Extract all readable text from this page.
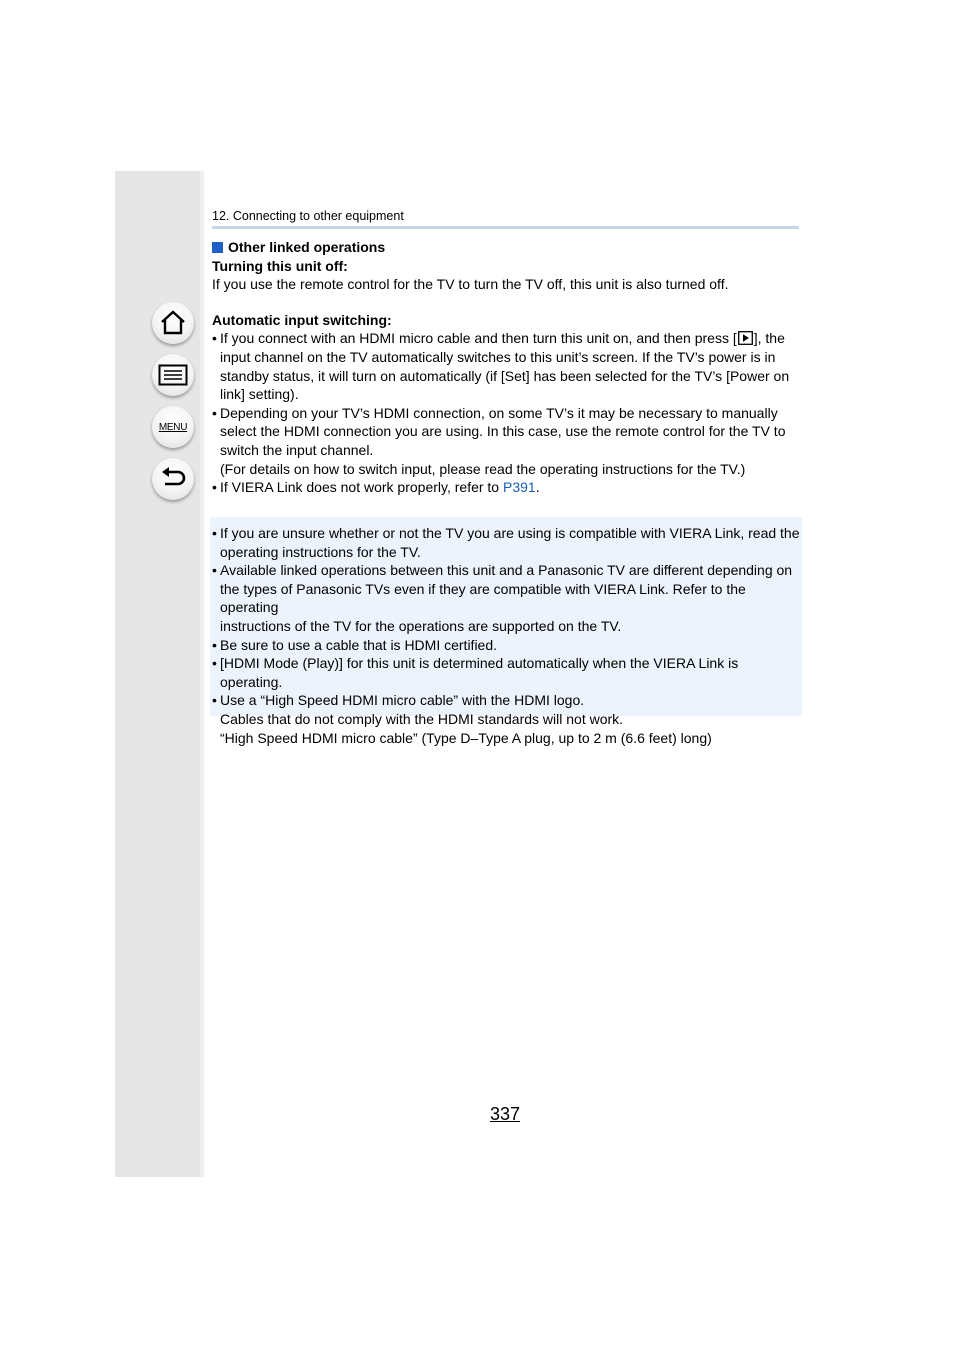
MENU
12. Connecting to other equipment
Other linked operations
Turning this unit off:
If you use the remote control for the TV to turn the TV off, this unit is also turned off.
Automatic input switching:
• If you connect with an HDMI micro cable and then turn this unit on, and then press [ ], the
input channel on the TV automatically switches to this unit’s screen. If the TV’s power is in
standby status, it will turn on automatically (if [Set] has been selected for the TV’s [Power on
link] setting).
• Depending on your TV’s HDMI connection, on some TV’s it may be necessary to manually
select the HDMI connection you are using. In this case, use the remote control for the TV to
switch the input channel.
(For details on how to switch input, please read the operating instructions for the TV.)
• If VIERA Link does not work properly, refer to P391.
• If you are unsure whether or not the TV you are using is compatible with VIERA Link, read the
operating instructions for the TV.
• Available linked operations between this unit and a Panasonic TV are different depending on
the types of Panasonic TVs even if they are compatible with VIERA Link. Refer to the operating
instructions of the TV for the operations are supported on the TV.
• Be sure to use a cable that is HDMI certified.
• [HDMI Mode (Play)] for this unit is determined automatically when the VIERA Link is operating.
• Use a “High Speed HDMI micro cable” with the HDMI logo.
Cables that do not comply with the HDMI standards will not work.
“High Speed HDMI micro cable” (Type D–Type A plug, up to 2 m (6.6 feet) long)
337
